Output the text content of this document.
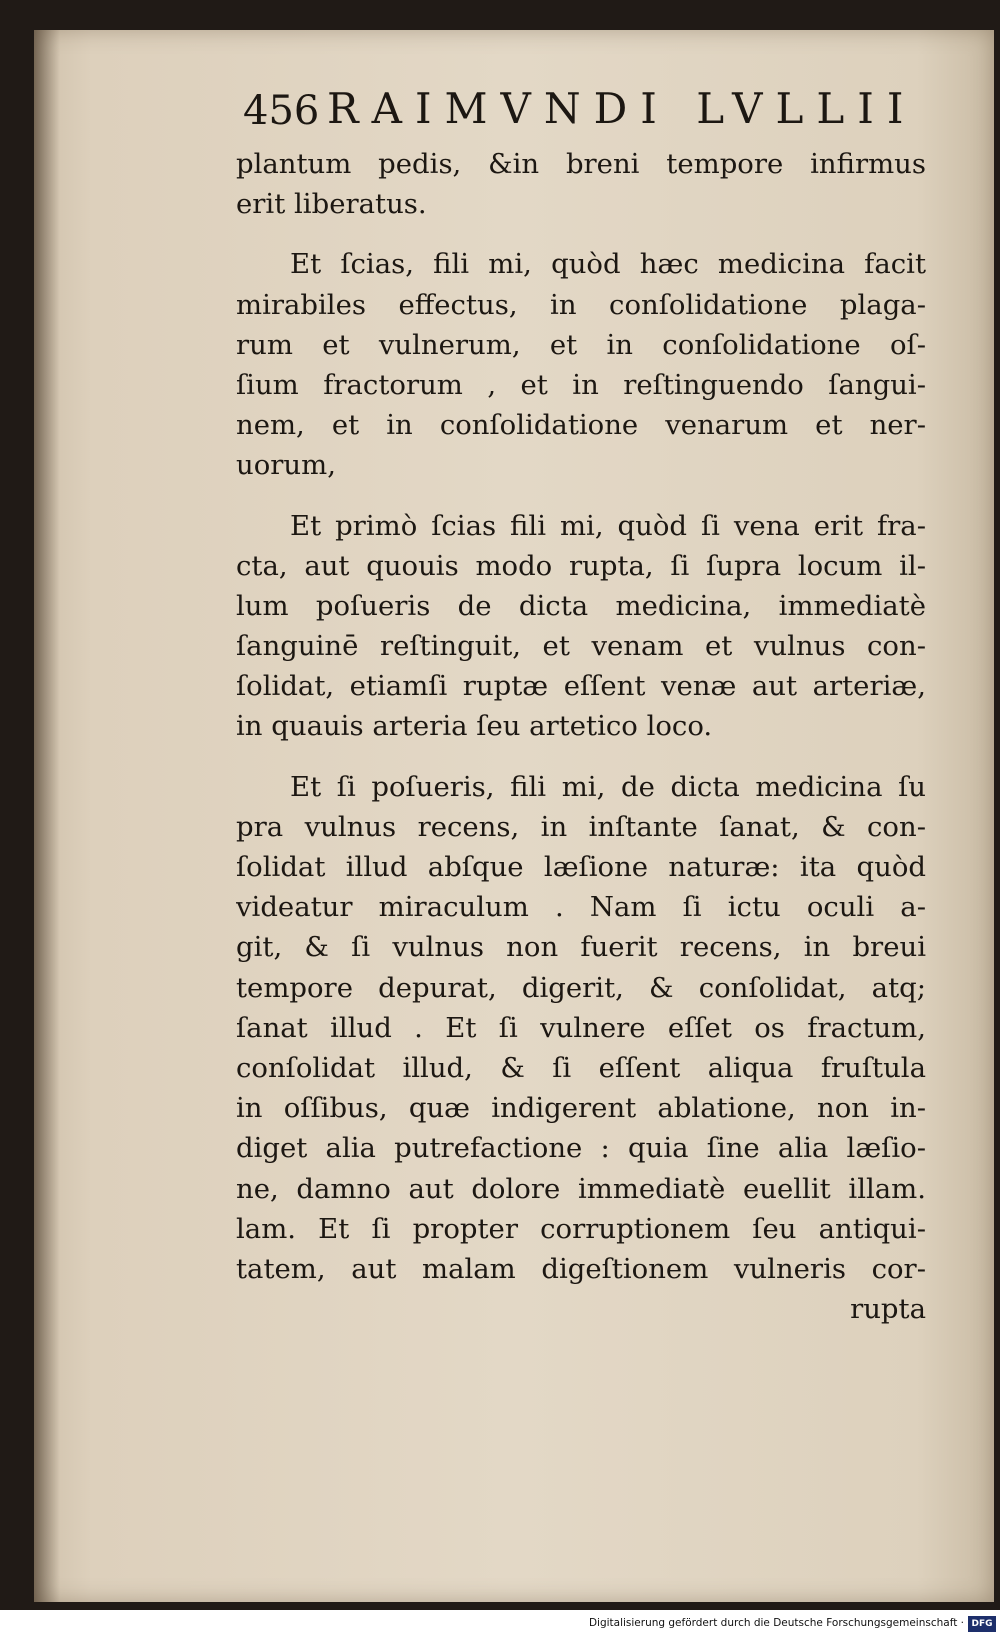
456 RAIMVNDI LVLLII
plantum pedis, &in breni tempore infirmus
erit liberatus.
Et ſcias, fili mi, quòd hæc medicina facit
mirabiles effectus, in conſolidatione plaga-
rum et vulnerum, et in conſolidatione oſ-
ſium fractorum , et in reſtinguendo ſangui-
nem, et in conſolidatione venarum et ner-
uorum,
Et primò ſcias fili mi, quòd ſi vena erit fra-
cta, aut quouis modo rupta, ſi ſupra locum il-
lum poſueris de dicta medicina, immediatè
ſanguinē reſtinguit, et venam et vulnus con-
ſolidat, etiamſi ruptæ eſſent venæ aut arteriæ,
in quauis arteria ſeu artetico loco.
Et ſi poſueris, fili mi, de dicta medicina ſu
pra vulnus recens, in inſtante ſanat, & con-
ſolidat illud abſque læſione naturæ: ita quòd
videatur miraculum . Nam ſi ictu oculi a-
git, & ſi vulnus non fuerit recens, in breui
tempore depurat, digerit, & conſolidat, atq;
ſanat illud . Et ſi vulnere eſſet os fractum,
conſolidat illud, & ſi eſſent aliqua fruſtula
in oſſibus, quæ indigerent ablatione, non in-
diget alia putrefactione : quia ſine alia læſio-
ne, damno aut dolore immediatè euellit illam.
lam. Et ſi propter corruptionem ſeu antiqui-
tatem, aut malam digeſtionem vulneris cor-
rupta
Digitalisierung gefördert durch die Deutsche Forschungsgemeinschaft · DFG
